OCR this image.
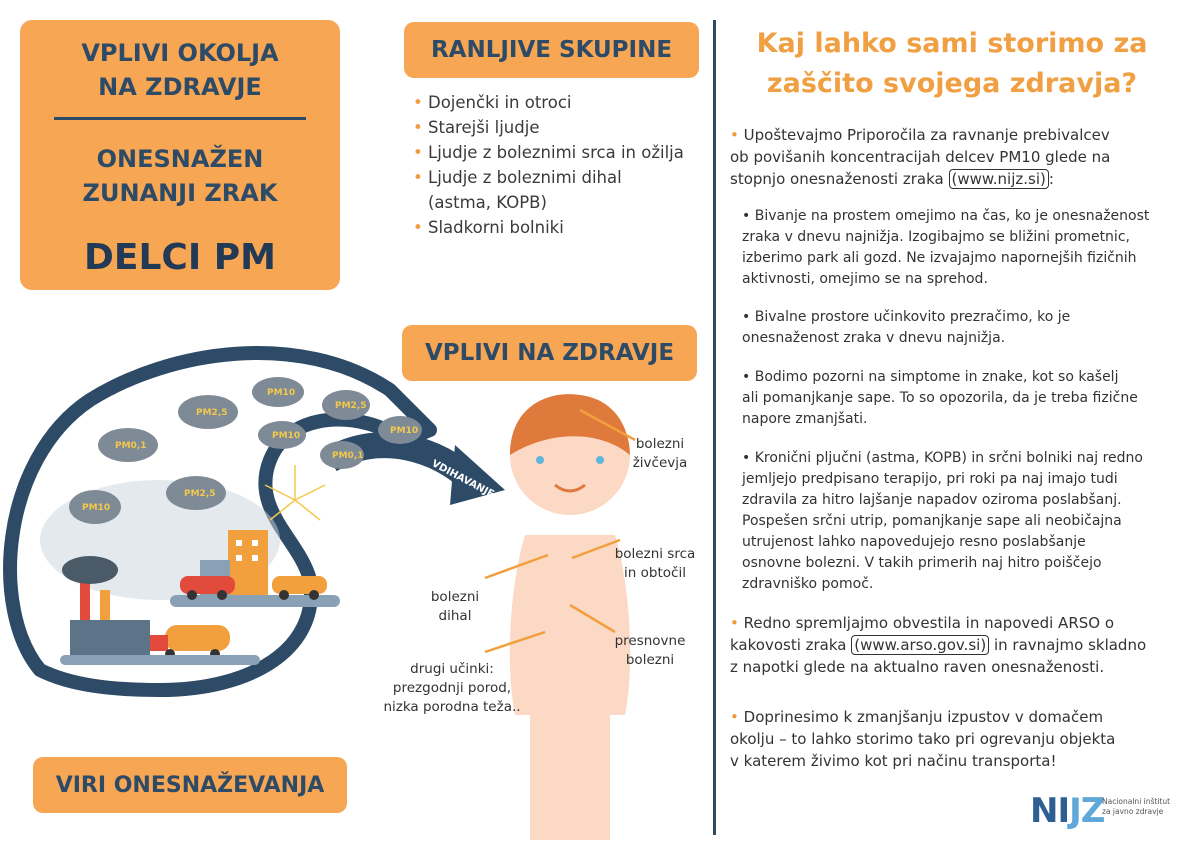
VPLIVI OKOLJA
NA ZDRAVJE
ONESNAŽEN
ZUNANJI ZRAK
DELCI PM
RANLJIVE SKUPINE
• Dojenčki in otroci
• Starejši ljudje
• Ljudje z boleznimi srca in ožilja
• Ljudje z boleznimi dihal
(astma, KOPB)
• Sladkorni bolniki
VPLIVI NA ZDRAVJE
PM0,1
PM2,5
PM10
PM2,5
PM10
PM10
PM0,1
PM2,5
PM10
VDIHAVANJE
bolezni
živčevja
bolezni srca
in obtočil
bolezni
dihal
presnovne
bolezni
drugi učinki:
prezgodnji porod,
nizka porodna teža..
VIRI ONESNAŽEVANJA
Kaj lahko sami storimo za
zaščito svojega zdravja?
• Upoštevajmo Priporočila za ravnanje prebivalcev
ob povišanih koncentracijah delcev PM10 glede na
stopnjo onesnaženosti zraka (www.nijz.si) :
• Bivanje na prostem omejimo na čas, ko je onesnaženost
zraka v dnevu najnižja. Izogibajmo se bližini prometnic,
izberimo park ali gozd. Ne izvajajmo napornejših fizičnih
aktivnosti, omejimo se na sprehod.
• Bivalne prostore učinkovito prezračimo, ko je
onesnaženost zraka v dnevu najnižja.
• Bodimo pozorni na simptome in znake, kot so kašelj
ali pomanjkanje sape. To so opozorila, da je treba fizične
napore zmanjšati.
• Kronični pljučni (astma, KOPB) in srčni bolniki naj redno
jemljejo predpisano terapijo, pri roki pa naj imajo tudi
zdravila za hitro lajšanje napadov oziroma poslabšanj.
Pospešen srčni utrip, pomanjkanje sape ali neobičajna
utrujenost lahko napovedujejo resno poslabšanje
osnovne bolezni. V takih primerih naj hitro poiščejo
zdravniško pomoč.
• Redno spremljajmo obvestila in napovedi ARSO o
kakovosti zraka (www.arso.gov.si) in ravnajmo skladno
z napotki glede na aktualno raven onesnaženosti.
• Doprinesimo k zmanjšanju izpustov v domačem
okolju – to lahko storimo tako pri ogrevanju objekta
v katerem živimo kot pri načinu transporta!
NIJZ
Nacionalni inštitut
za javno zdravje
